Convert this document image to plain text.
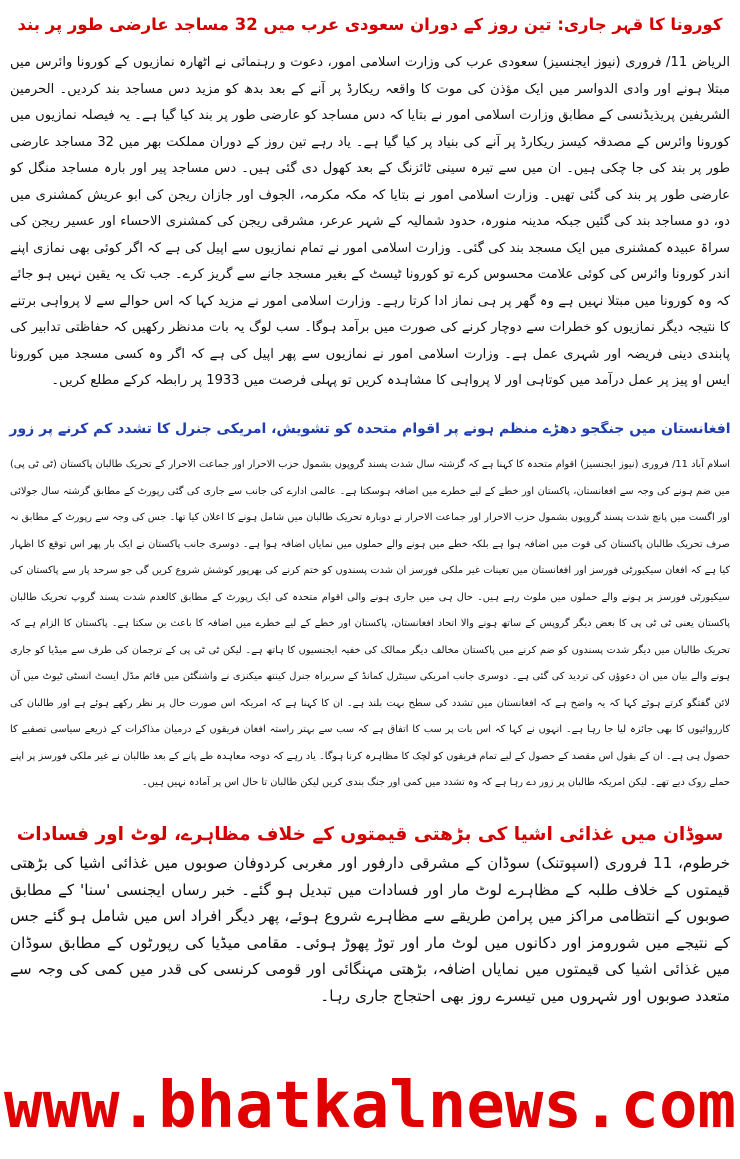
کورونا کا قہر جاری: تین روز کے دوران سعودی عرب میں 32 مساجد عارضی طور پر بند

الریاض 11/ فروری (نیوز ایجنسیز) سعودی عرب کی وزارت اسلامی امور، دعوت و رہنمائی نے اٹھارہ نمازیوں کے کورونا وائرس میں مبتلا ہونے اور وادی الدواسر میں ایک مؤذن کی موت کا واقعہ ریکارڈ پر آنے کے بعد بدھ کو مزید دس مساجد بند کردیں۔ الحرمین الشریفین پریذیڈنسی کے مطابق وزارت اسلامی امور نے بتایا کہ دس مساجد کو عارضی طور پر بند کیا گیا ہے۔ یہ فیصلہ نمازیوں میں کورونا وائرس کے مصدقہ کیسز ریکارڈ پر آنے کی بنیاد پر کیا گیا ہے۔ یاد رہے تین روز کے دوران مملکت بھر میں 32 مساجد عارضی طور پر بند کی جا چکی ہیں۔ ان میں سے تیرہ سینی ٹائزنگ کے بعد کھول دی گئی ہیں۔ دس مساجد پیر اور بارہ مساجد منگل کو عارضی طور پر بند کی گئی تھیں۔ وزارت اسلامی امور نے بتایا کہ مکہ مکرمہ، الجوف اور جازان ریجن کی ابو عریش کمشنری میں دو، دو مساجد بند کی گئیں جبکہ مدینہ منورہ، حدود شمالیہ کے شہر عرعر، مشرقی ریجن کی کمشنری الاحساء اور عسیر ریجن کی سراۃ عبیدہ کمشنری میں ایک مسجد بند کی گئی۔ وزارت اسلامی امور نے تمام نمازیوں سے اپیل کی ہے کہ اگر کوئی بھی نمازی اپنے اندر کورونا وائرس کی کوئی علامت محسوس کرے تو کورونا ٹیسٹ کے بغیر مسجد جانے سے گریز کرے۔ جب تک یہ یقین نہیں ہو جائے کہ وہ کورونا میں مبتلا نہیں ہے وہ گھر پر ہی نماز ادا کرتا رہے۔ وزارت اسلامی امور نے مزید کہا کہ اس حوالے سے لا پرواہی برتنے کا نتیجہ دیگر نمازیوں کو خطرات سے دوچار کرنے کی صورت میں برآمد ہوگا۔ سب لوگ یہ بات مدنظر رکھیں کہ حفاظتی تدابیر کی پابندی دینی فریضہ اور شہری عمل ہے۔ وزارت اسلامی امور نے نمازیوں سے پھر اپیل کی ہے کہ اگر وہ کسی مسجد میں کورونا ایس او پیز پر عمل درآمد میں کوتاہی اور لا پرواہی کا مشاہدہ کریں تو پہلی فرصت میں 1933 پر رابطہ کرکے مطلع کریں۔

افغانستان میں جنگجو دھڑے منظم ہونے پر اقوام متحدہ کو تشویش، امریکی جنرل کا تشدد کم کرنے پر زور

اسلام آباد 11/ فروری (نیوز ایجنسیز) اقوام متحدہ کا کہنا ہے کہ گزشتہ سال شدت پسند گروپوں بشمول حزب الاحرار اور جماعت الاحرار کے تحریک طالبان پاکستان (ٹی ٹی پی) میں ضم ہونے کی وجہ سے افغانستان، پاکستان اور خطے کے لیے خطرے میں اضافہ ہوسکتا ہے۔ عالمی ادارے کی جانب سے جاری کی گئی رپورٹ کے مطابق گزشتہ سال جولائی اور اگست میں پانچ شدت پسند گروپوں بشمول حزب الاحرار اور جماعت الاحرار نے دوبارہ تحریک طالبان میں شامل ہونے کا اعلان کیا تھا۔ جس کی وجہ سے رپورٹ کے مطابق نہ صرف تحریک طالبان پاکستان کی قوت میں اضافہ ہوا ہے بلکہ خطے میں ہونے والے حملوں میں نمایاں اضافہ ہوا ہے۔ دوسری جانب پاکستان نے ایک بار پھر اس توقع کا اظہار کیا ہے کہ افغان سیکیورٹی فورسز اور افغانستان میں تعینات غیر ملکی فورسز ان شدت پسندوں کو ختم کرنے کی بھرپور کوشش شروع کریں گی جو سرحد پار سے پاکستان کی سیکیورٹی فورسز پر ہونے والے حملوں میں ملوث رہے ہیں۔ حال ہی میں جاری ہونے والی اقوام متحدہ کی ایک رپورٹ کے مطابق کالعدم شدت پسند گروپ تحریک طالبان پاکستان یعنی ٹی ٹی پی کا بعض دیگر گروپس کے ساتھ ہونے والا اتحاد افغانستان، پاکستان اور خطے کے لیے خطرے میں اضافہ کا باعث بن سکتا ہے۔ پاکستان کا الزام ہے کہ تحریک طالبان میں دیگر شدت پسندوں کو ضم کرنے میں پاکستان مخالف دیگر ممالک کی خفیہ ایجنسیوں کا ہاتھ ہے۔ لیکن ٹی ٹی پی کے ترجمان کی طرف سے میڈیا کو جاری ہونے والے بیان میں ان دعوؤں کی تردید کی گئی ہے۔ دوسری جانب امریکی سینٹرل کمانڈ کے سربراہ جنرل کینتھ میکنزی نے واشنگٹن میں قائم مڈل ایسٹ انسٹی ٹیوٹ میں آن لائن گفتگو کرتے ہوئے کہا کہ یہ واضح ہے کہ افغانستان میں تشدد کی سطح بہت بلند ہے۔ ان کا کہنا ہے کہ امریکہ اس صورت حال پر نظر رکھے ہوئے ہے اور طالبان کی کارروائیوں کا بھی جائزہ لیا جا رہا ہے۔ انہوں نے کہا کہ اس بات پر سب کا اتفاق ہے کہ سب سے بہتر راستہ افغان فریقوں کے درمیان مذاکرات کے ذریعے سیاسی تصفیے کا حصول ہی ہے۔ ان کے بقول اس مقصد کے حصول کے لیے تمام فریقوں کو لچک کا مظاہرہ کرنا ہوگا۔ یاد رہے کہ دوحہ معاہدہ طے پانے کے بعد طالبان نے غیر ملکی فورسز پر اپنے حملے روک دیے تھے۔ لیکن امریکہ طالبان پر زور دے رہا ہے کہ وہ تشدد میں کمی اور جنگ بندی کریں لیکن طالبان تا حال اس پر آمادہ نہیں ہیں۔

سوڈان میں غذائی اشیا کی بڑھتی قیمتوں کے خلاف مظاہرے، لوٹ اور فسادات

خرطوم، 11 فروری (اسپوتنک) سوڈان کے مشرقی دارفور اور مغربی کردوفان صوبوں میں غذائی اشیا کی بڑھتی قیمتوں کے خلاف طلبہ کے مظاہرے لوٹ مار اور فسادات میں تبدیل ہو گئے۔ خبر رساں ایجنسی 'سنا' کے مطابق صوبوں کے انتظامی مراکز میں پرامن طریقے سے مظاہرے شروع ہوئے، پھر دیگر افراد اس میں شامل ہو گئے جس کے نتیجے میں شورومز اور دکانوں میں لوٹ مار اور توڑ پھوڑ ہوئی۔ مقامی میڈیا کی رپورٹوں کے مطابق سوڈان میں غذائی اشیا کی قیمتوں میں نمایاں اضافہ، بڑھتی مہنگائی اور قومی کرنسی کی قدر میں کمی کی وجہ سے متعدد صوبوں اور شہروں میں تیسرے روز بھی احتجاج جاری رہا۔

www.bhatkalnews.com
